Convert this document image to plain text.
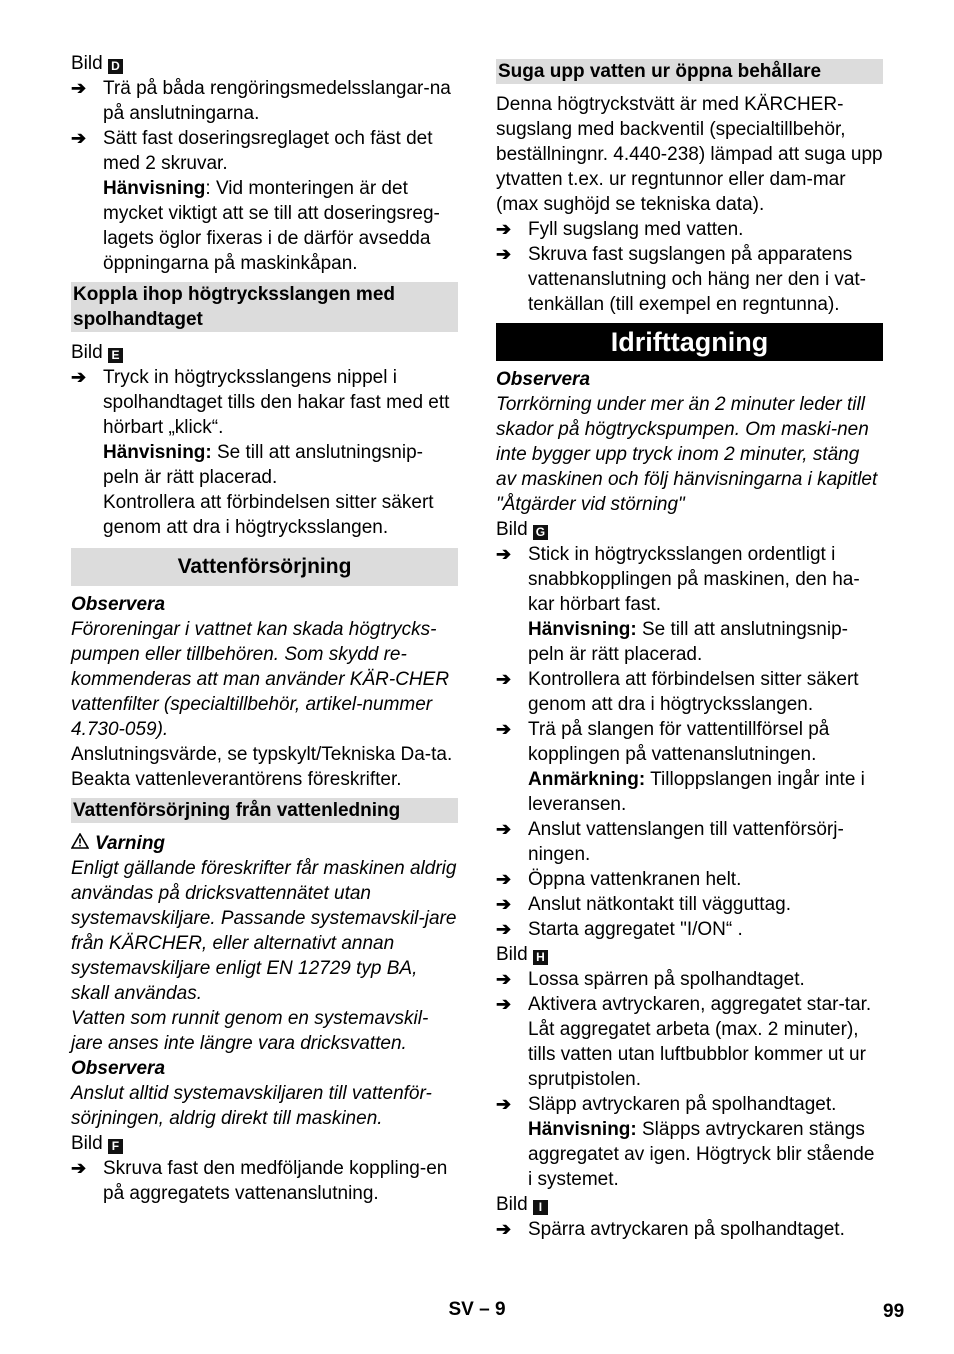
Bild D

➔ Trä på båda rengöringsmedelsslangar-na på anslutningarna.
➔ Sätt fast doseringsreglaget och fäst det med 2 skruvar.

Hänvisning: Vid monteringen är det mycket viktigt att se till att doseringsreg-lagets öglor fixeras i de därför avsedda öppningarna på maskinkåpan.

Koppla ihop högtrycksslangen med spolhandtaget

Bild E

➔ Tryck in högtrycksslangens nippel i spolhandtaget tills den hakar fast med ett hörbart „klick“.

Hänvisning: Se till att anslutningsnip-peln är rätt placerad.

Kontrollera att förbindelsen sitter säkert genom att dra i högtrycksslangen.

Vattenförsörjning

Observera

Föroreningar i vattnet kan skada högtrycks-pumpen eller tillbehören. Som skydd re-kommenderas att man använder KÄR-CHER vattenfilter (specialtillbehör, artikel-nummer 4.730-059).

Anslutningsvärde, se typskylt/Tekniska Da-ta.

Beakta vattenleverantörens föreskrifter.

Vattenförsörjning från vattenledning

Varning

Enligt gällande föreskrifter får maskinen aldrig användas på dricksvattennätet utan systemavskiljare. Passande systemavskil-jare från KÄRCHER, eller alternativt annan systemavskiljare enligt EN 12729 typ BA, skall användas.

Vatten som runnit genom en systemavskil-jare anses inte längre vara dricksvatten.

Observera

Anslut alltid systemavskiljaren till vattenför-sörjningen, aldrig direkt till maskinen.

Bild F

➔ Skruva fast den medföljande koppling-en på aggregatets vattenanslutning.
Suga upp vatten ur öppna behållare

Denna högtryckstvätt är med KÄRCHER-sugslang med backventil (specialtillbehör, beställningnr. 4.440-238) lämpad att suga upp ytvatten t.ex. ur regntunnor eller dam-mar (max sughöjd se tekniska data).

➔ Fyll sugslang med vatten.
➔ Skruva fast sugslangen på apparatens vattenanslutning och häng ner den i vat-tenkällan (till exempel en regntunna).
Idrifttagning

Observera

Torrkörning under mer än 2 minuter leder till skador på högtryckspumpen. Om maski-nen inte bygger upp tryck inom 2 minuter, stäng av maskinen och följ hänvisningarna i kapitlet "Åtgärder vid störning"

Bild G

➔ Stick in högtrycksslangen ordentligt i snabbkopplingen på maskinen, den ha-kar hörbart fast.

Hänvisning: Se till att anslutningsnip-peln är rätt placerad.

➔ Kontrollera att förbindelsen sitter säkert genom att dra i högtrycksslangen.
➔ Trä på slangen för vattentillförsel på kopplingen på vattenanslutningen.

Anmärkning: Tilloppslangen ingår inte i leveransen.

➔ Anslut vattenslangen till vattenförsörj-ningen.
➔ Öppna vattenkranen helt.
➔ Anslut nätkontakt till vägguttag.
➔ Starta aggregatet "I/ON“ .

Bild H

➔ Lossa spärren på spolhandtaget.
➔ Aktivera avtryckaren, aggregatet star-tar.

Låt aggregatet arbeta (max. 2 minuter), tills vatten utan luftbubblor kommer ut ur sprutpistolen.

➔ Släpp avtryckaren på spolhandtaget.

Hänvisning: Släpps avtryckaren stängs aggregatet av igen. Högtryck blir stående i systemet.

Bild I

➔ Spärra avtryckaren på spolhandtaget.
SV – 9	99
